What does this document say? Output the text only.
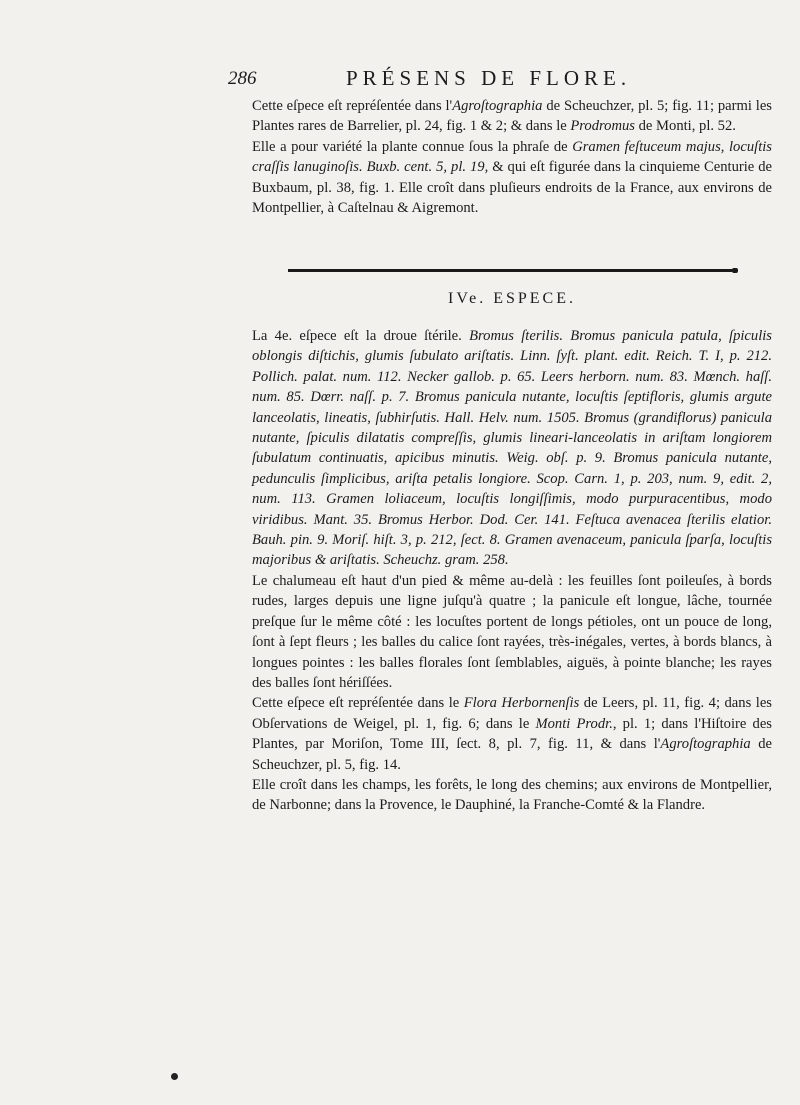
286	PRÉSENS DE FLORE.

Cette eſpece eſt repréſentée dans l'Agroſtographia de Scheuchzer, pl. 5; fig. 11; parmi les Plantes rares de Barrelier, pl. 24, fig. 1 & 2; & dans le Prodromus de Monti, pl. 52.

Elle a pour variété la plante connue ſous la phraſe de Gramen feſtuceum majus, locuſtis craſſis lanuginoſis. Buxb. cent. 5, pl. 19, & qui eſt figurée dans la cinquieme Centurie de Buxbaum, pl. 38, fig. 1. Elle croît dans pluſieurs endroits de la France, aux environs de Montpellier, à Caſtelnau & Aigremont.

IVe. ESPECE.

La 4e. eſpece eſt la droue ſtérile. Bromus ſterilis. Bromus panicula patula, ſpiculis oblongis diſtichis, glumis ſubulato ariſtatis. Linn. ſyſt. plant. edit. Reich. T. I, p. 212. Pollich. palat. num. 112. Necker gallob. p. 65. Leers herborn. num. 83. Mœnch. haſſ. num. 85. Dœrr. naſſ. p. 7. Bromus panicula nutante, locuſtis ſeptifloris, glumis argute lanceolatis, lineatis, ſubhirſutis. Hall. Helv. num. 1505. Bromus (grandiflorus) panicula nutante, ſpiculis dilatatis compreſſis, glumis lineari-lanceolatis in ariſtam longiorem ſubulatum continuatis, apicibus minutis. Weig. obſ. p. 9. Bromus panicula nutante, pedunculis ſimplicibus, ariſta petalis longiore. Scop. Carn. 1, p. 203, num. 9, edit. 2, num. 113. Gramen loliaceum, locuſtis longiſſimis, modo purpuracentibus, modo viridibus. Mant. 35. Bromus Herbor. Dod. Cer. 141. Feſtuca avenacea ſterilis elatior. Bauh. pin. 9. Moriſ. hiſt. 3, p. 212, ſect. 8. Gramen avenaceum, panicula ſparſa, locuſtis majoribus & ariſtatis. Scheuchz. gram. 258.

Le chalumeau eſt haut d'un pied & même au-delà : les feuilles ſont poileuſes, à bords rudes, larges depuis une ligne juſqu'à quatre ; la panicule eſt longue, lâche, tournée preſque ſur le même côté : les locuſtes portent de longs pétioles, ont un pouce de long, ſont à ſept fleurs ; les balles du calice ſont rayées, très-inégales, vertes, à bords blancs, à longues pointes : les balles florales ſont ſemblables, aiguës, à pointe blanche; les rayes des balles ſont hériſſées.

Cette eſpece eſt repréſentée dans le Flora Herbornenſis de Leers, pl. 11, fig. 4; dans les Obſervations de Weigel, pl. 1, fig. 6; dans le Monti Prodr., pl. 1; dans l'Hiſtoire des Plantes, par Moriſon, Tome III, ſect. 8, pl. 7, fig. 11, & dans l'Agroſtographia de Scheuchzer, pl. 5, fig. 14.

Elle croît dans les champs, les forêts, le long des chemins; aux environs de Montpellier, de Narbonne; dans la Provence, le Dauphiné, la Franche-Comté & la Flandre.
